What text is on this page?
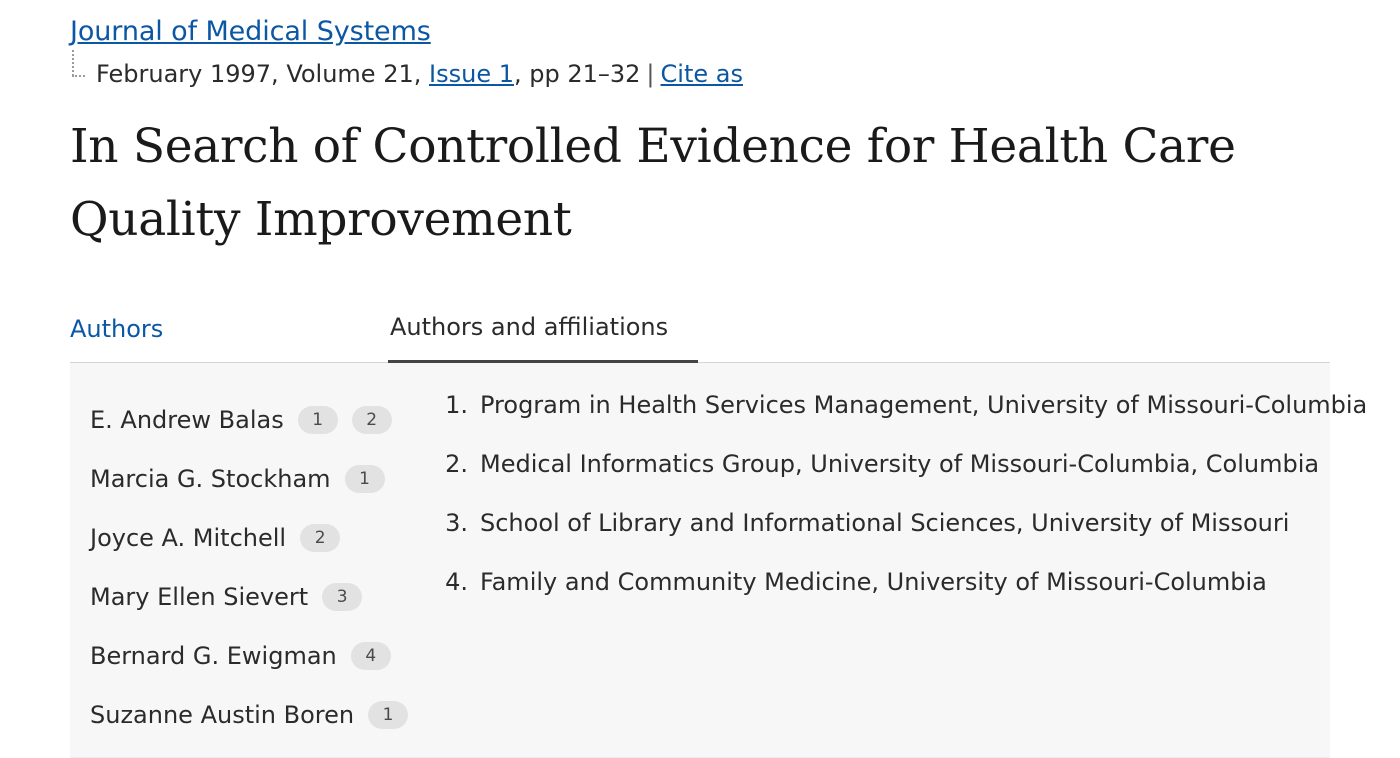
Journal of Medical Systems
February 1997, Volume 21,
Issue 1 , pp 21–32 | Cite as
In Search of Controlled Evidence for Health Care Quality Improvement
Authors	Authors and affiliations
E. Andrew Balas	1	2
Marcia G. Stockham	1
Joyce A. Mitchell	2
Mary Ellen Sievert	3
Bernard G. Ewigman	4
Suzanne Austin Boren	1
1. Program in Health Services Management, University of Missouri-Columbia
2. Medical Informatics Group, University of Missouri-Columbia, Columbia
3. School of Library and Informational Sciences, University of Missouri
4. Family and Community Medicine, University of Missouri-Columbia
